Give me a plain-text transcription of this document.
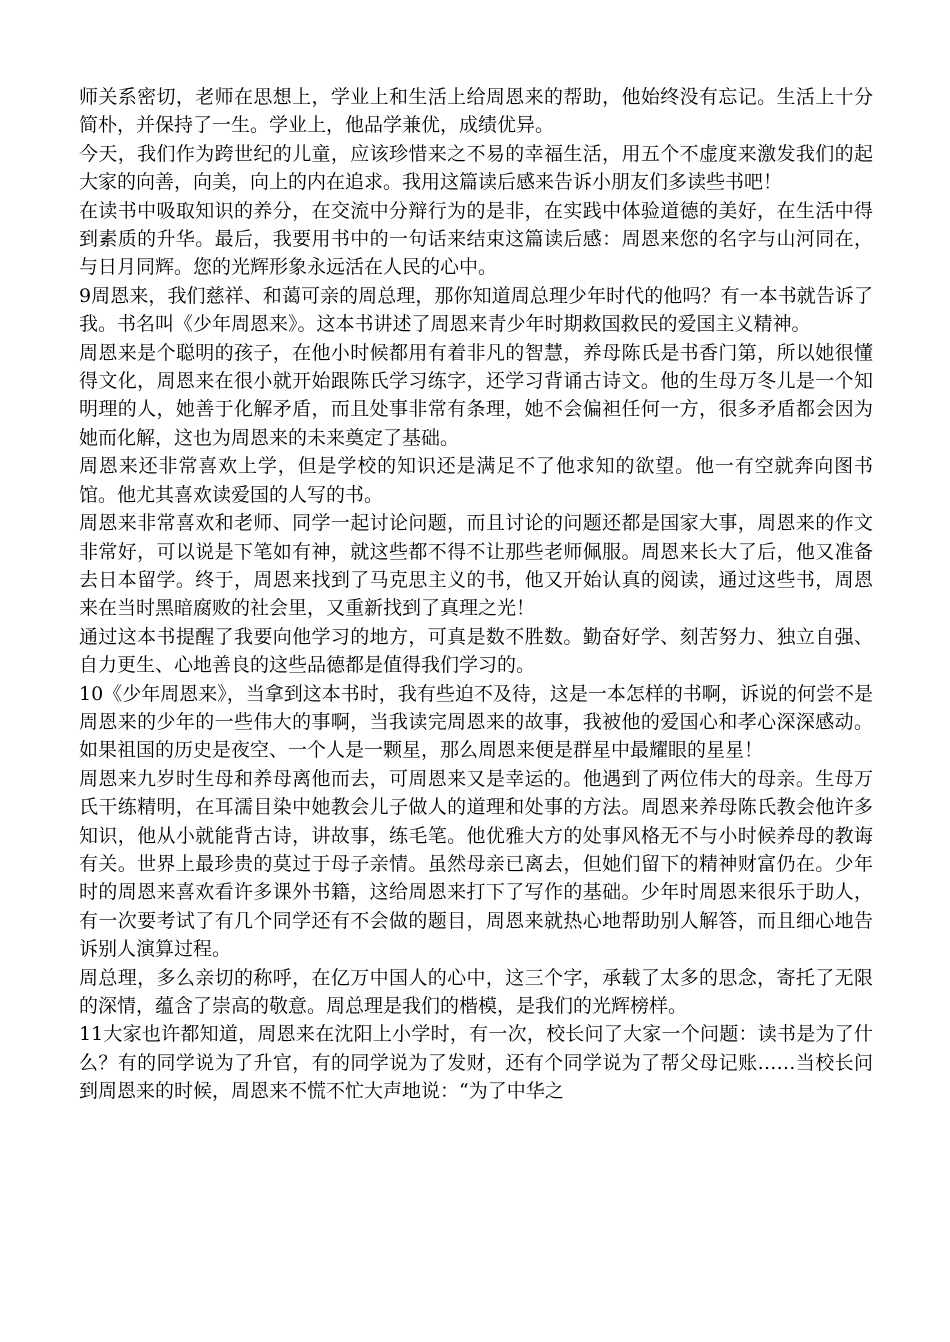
师关系密切，老师在思想上，学业上和生活上给周恩来的帮助，他始终没有忘记。生活上十分简朴，并保持了一生。学业上，他品学兼优，成绩优异。

今天，我们作为跨世纪的儿童，应该珍惜来之不易的幸福生活，用五个不虚度来激发我们的起大家的向善，向美，向上的内在追求。我用这篇读后感来告诉小朋友们多读些书吧！

在读书中吸取知识的养分，在交流中分辩行为的是非，在实践中体验道德的美好，在生活中得到素质的升华。最后，我要用书中的一句话来结束这篇读后感：周恩来您的名字与山河同在，与日月同辉。您的光辉形象永远活在人民的心中。

9周恩来，我们慈祥、和蔼可亲的周总理，那你知道周总理少年时代的他吗？有一本书就告诉了我。书名叫《少年周恩来》。这本书讲述了周恩来青少年时期救国救民的爱国主义精神。

周恩来是个聪明的孩子，在他小时候都用有着非凡的智慧，养母陈氏是书香门第，所以她很懂得文化，周恩来在很小就开始跟陈氏学习练字，还学习背诵古诗文。他的生母万冬儿是一个知明理的人，她善于化解矛盾，而且处事非常有条理，她不会偏袒任何一方，很多矛盾都会因为她而化解，这也为周恩来的未来奠定了基础。

周恩来还非常喜欢上学，但是学校的知识还是满足不了他求知的欲望。他一有空就奔向图书馆。他尤其喜欢读爱国的人写的书。

周恩来非常喜欢和老师、同学一起讨论问题，而且讨论的问题还都是国家大事，周恩来的作文非常好，可以说是下笔如有神，就这些都不得不让那些老师佩服。周恩来长大了后，他又准备去日本留学。终于，周恩来找到了马克思主义的书，他又开始认真的阅读，通过这些书，周恩来在当时黑暗腐败的社会里，又重新找到了真理之光！

通过这本书提醒了我要向他学习的地方，可真是数不胜数。勤奋好学、刻苦努力、独立自强、自力更生、心地善良的这些品德都是值得我们学习的。

10《少年周恩来》，当拿到这本书时，我有些迫不及待，这是一本怎样的书啊，诉说的何尝不是周恩来的少年的一些伟大的事啊，当我读完周恩来的故事，我被他的爱国心和孝心深深感动。如果祖国的历史是夜空、一个人是一颗星，那么周恩来便是群星中最耀眼的星星！

周恩来九岁时生母和养母离他而去，可周恩来又是幸运的。他遇到了两位伟大的母亲。生母万氏干练精明，在耳濡目染中她教会儿子做人的道理和处事的方法。周恩来养母陈氏教会他许多知识，他从小就能背古诗，讲故事，练毛笔。他优雅大方的处事风格无不与小时候养母的教诲有关。世界上最珍贵的莫过于母子亲情。虽然母亲已离去，但她们留下的精神财富仍在。少年时的周恩来喜欢看许多课外书籍，这给周恩来打下了写作的基础。少年时周恩来很乐于助人，有一次要考试了有几个同学还有不会做的题目，周恩来就热心地帮助别人解答，而且细心地告诉别人演算过程。

周总理，多么亲切的称呼，在亿万中国人的心中，这三个字，承载了太多的思念，寄托了无限的深情，蕴含了崇高的敬意。周总理是我们的楷模，是我们的光辉榜样。

11大家也许都知道，周恩来在沈阳上小学时，有一次，校长问了大家一个问题：读书是为了什么？有的同学说为了升官，有的同学说为了发财，还有个同学说为了帮父母记账……当校长问到周恩来的时候，周恩来不慌不忙大声地说：“为了中华之
